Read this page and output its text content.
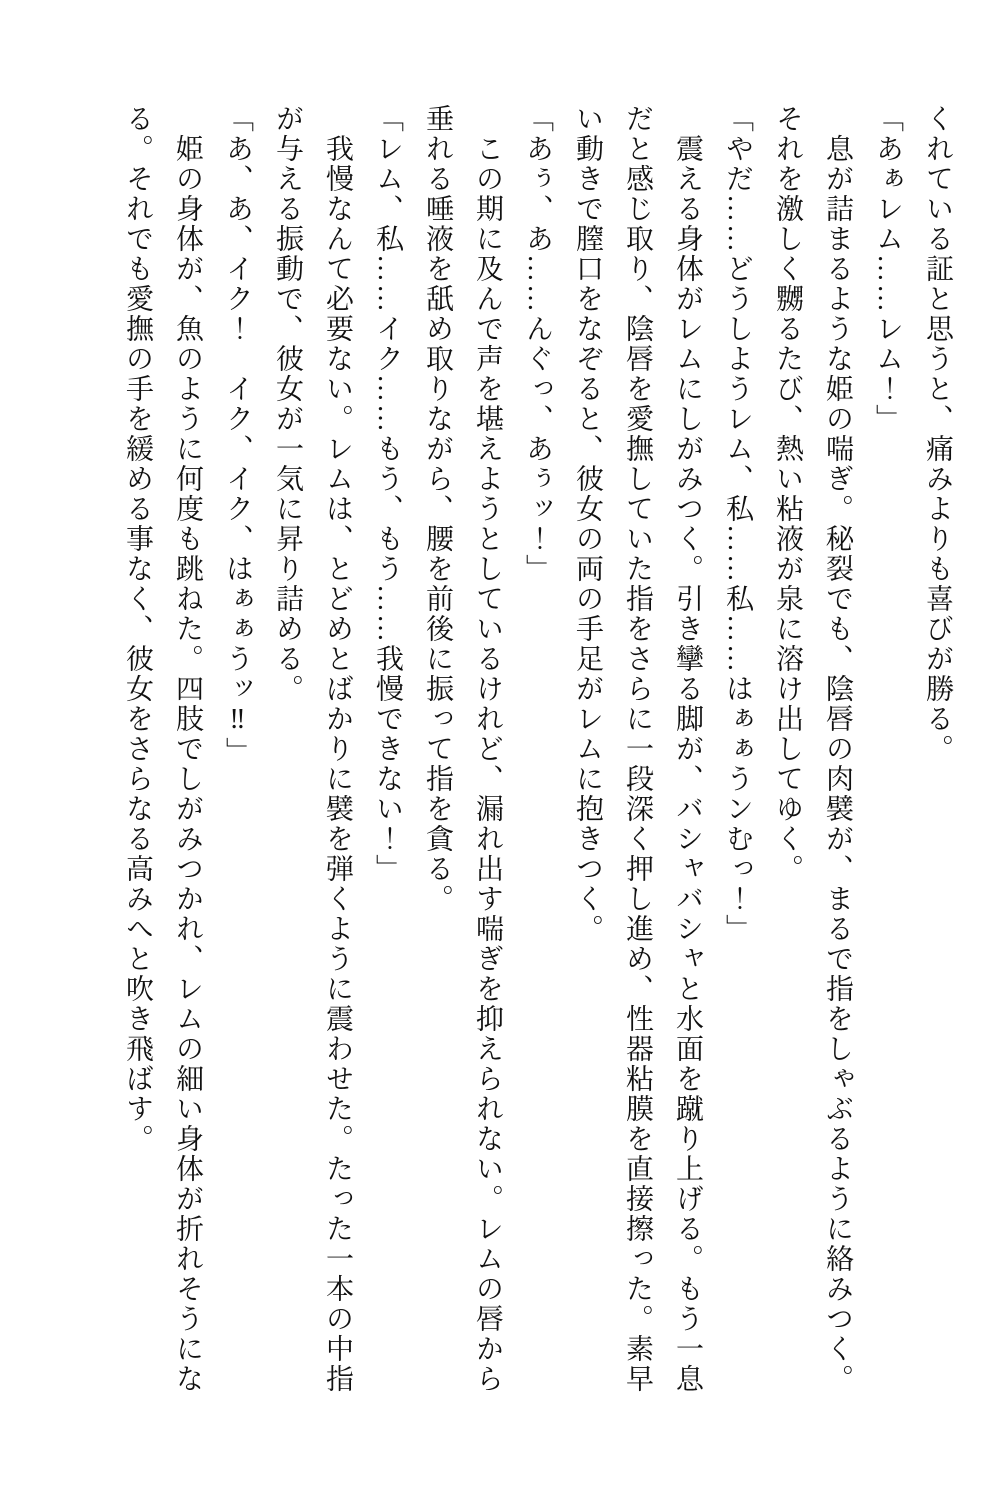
くれている証と思うと、痛みよりも喜びが勝る。

「あぁレム……レム！」

　息が詰まるような姫の喘ぎ。秘裂でも、陰唇の肉襞が、まるで指をしゃぶるように絡みつく。

それを激しく嬲るたび、熱い粘液が泉に溶け出してゆく。

「やだ……どうしようレム、私……私……はぁぁうンむっ！」

　震える身体がレムにしがみつく。引き攣る脚が、バシャバシャと水面を蹴り上げる。もう一息

だと感じ取り、陰唇を愛撫していた指をさらに一段深く押し進め、性器粘膜を直接擦った。素早

い動きで膣口をなぞると、彼女の両の手足がレムに抱きつく。

「あぅ、あ……んぐっ、あぅッ！」

　この期に及んで声を堪えようとしているけれど、漏れ出す喘ぎを抑えられない。レムの唇から

垂れる唾液を舐め取りながら、腰を前後に振って指を貪る。

「レム、私……イク……もう、もう……我慢できない！」

　我慢なんて必要ない。レムは、とどめとばかりに襞を弾くように震わせた。たった一本の中指

が与える振動で、彼女が一気に昇り詰める。

「あ、あ、イク！　イク、イク、はぁぁうッ‼」

　姫の身体が、魚のように何度も跳ねた。四肢でしがみつかれ、レムの細い身体が折れそうにな

る。それでも愛撫の手を緩める事なく、彼女をさらなる高みへと吹き飛ばす。
